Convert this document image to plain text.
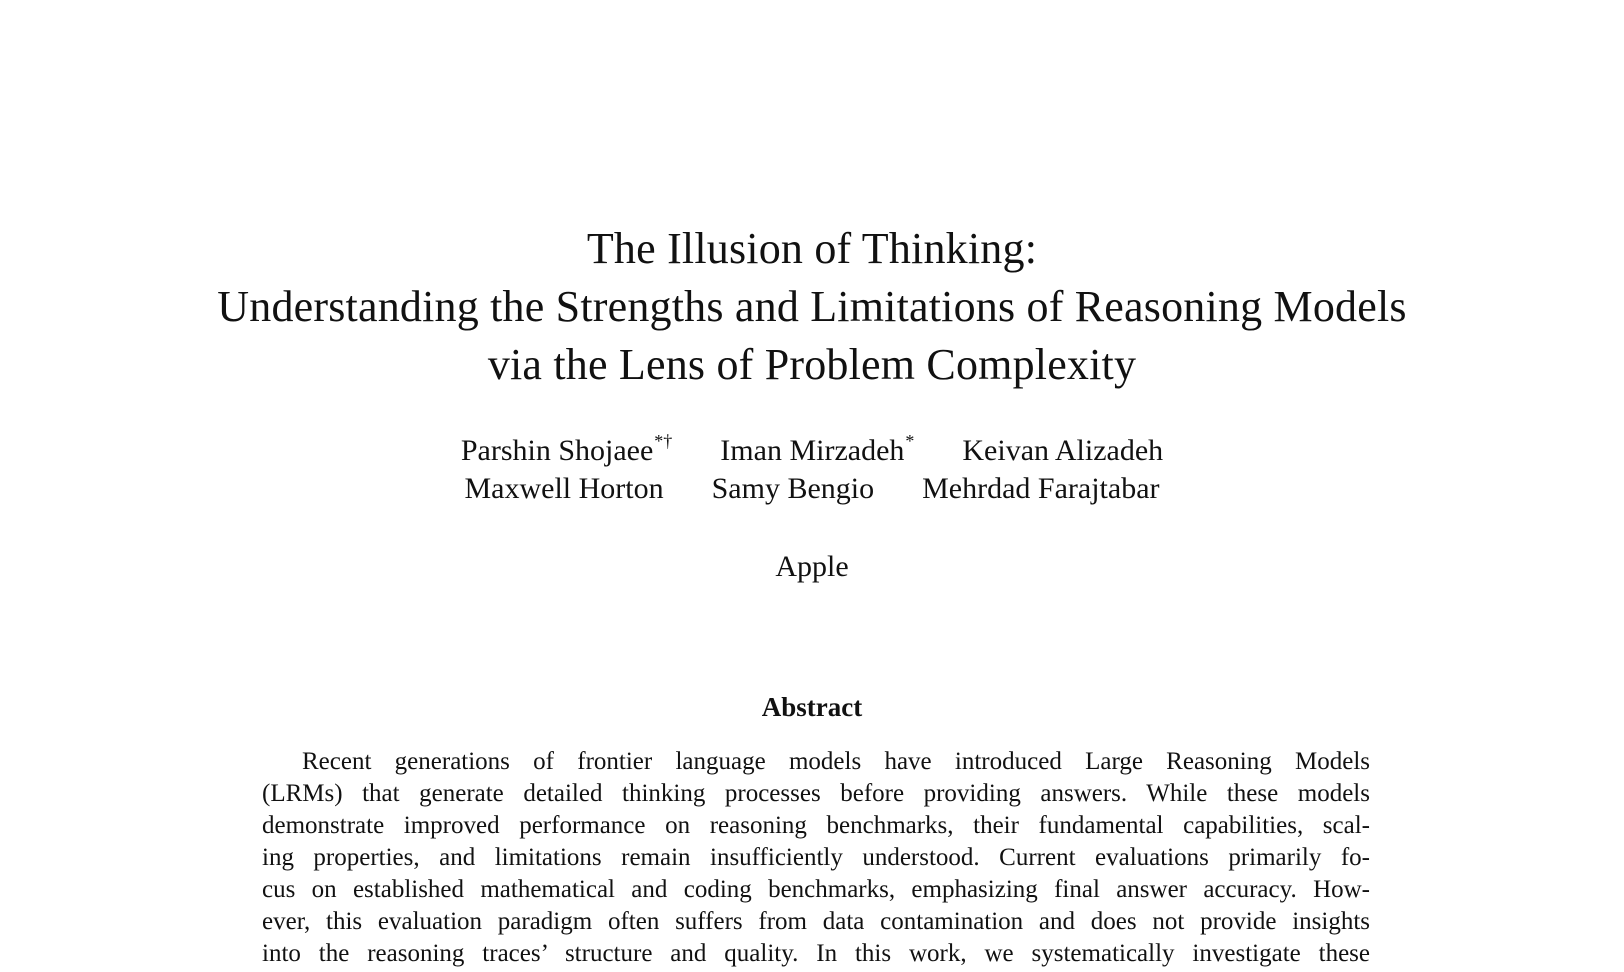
The Illusion of Thinking:
Understanding the Strengths and Limitations of Reasoning Models
via the Lens of Problem Complexity
Parshin Shojaee*† Iman Mirzadeh* Keivan Alizadeh
Maxwell Horton Samy Bengio Mehrdad Farajtabar
Apple
Abstract
Recent generations of frontier language models have introduced Large Reasoning Models
(LRMs) that generate detailed thinking processes before providing answers. While these models
demonstrate improved performance on reasoning benchmarks, their fundamental capabilities, scal-
ing properties, and limitations remain insufficiently understood. Current evaluations primarily fo-
cus on established mathematical and coding benchmarks, emphasizing final answer accuracy. How-
ever, this evaluation paradigm often suffers from data contamination and does not provide insights
into the reasoning traces’ structure and quality. In this work, we systematically investigate these
